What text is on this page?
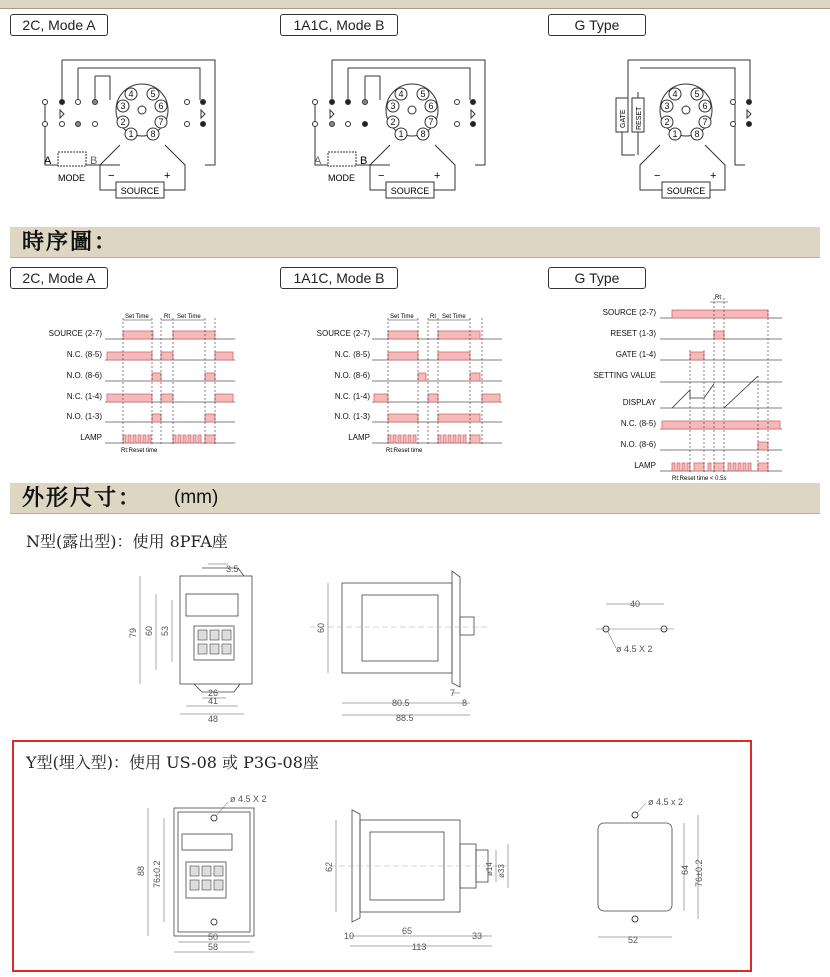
2C, Mode A	1A1C, Mode B	G Type
4 5
3	6
2	7
1 8
A	B
MODE −	+
SOURCE
4 5
3	6
2	7
1 8
A	B
MODE −	+
SOURCE
GATE RESET
4 5
3	6
2	7
1 8
−	+
SOURCE
時序圖：
2C, Mode A	1A1C, Mode B	G Type
SOURCE (2-7)
N.C. (8-5)
N.O. (8-6)
N.C. (1-4)
N.O. (1-3)
LAMP
Set Time	Rt Set Time
Rt:Reset time
SOURCE (2-7)
N.C. (8-5)
N.O. (8-6)
N.C. (1-4)
N.O. (1-3)
LAMP
Set Time	Rt Set Time
Rt:Reset time
SOURCE (2-7)
RESET (1-3)
GATE (1-4)
SETTING VALUE
DISPLAY
N.C. (8-5)
N.O. (8-6)
LAMP
Rt
Rt:Reset time < 0.5s
外形尺寸： (mm)
N型(露出型)：使用 8PFA座
79 60 53
3.5
26
41
48
60
7
80.5	8
88.5
40
ø 4.5 X 2
Y型(埋入型)：使用 US-08 或 P3G-08座
ø 4.5 X 2
88 76±0.2
50
58
62	ø14 ø33
10	65	33
113
ø 4.5 x 2
64 76±0.2
52
